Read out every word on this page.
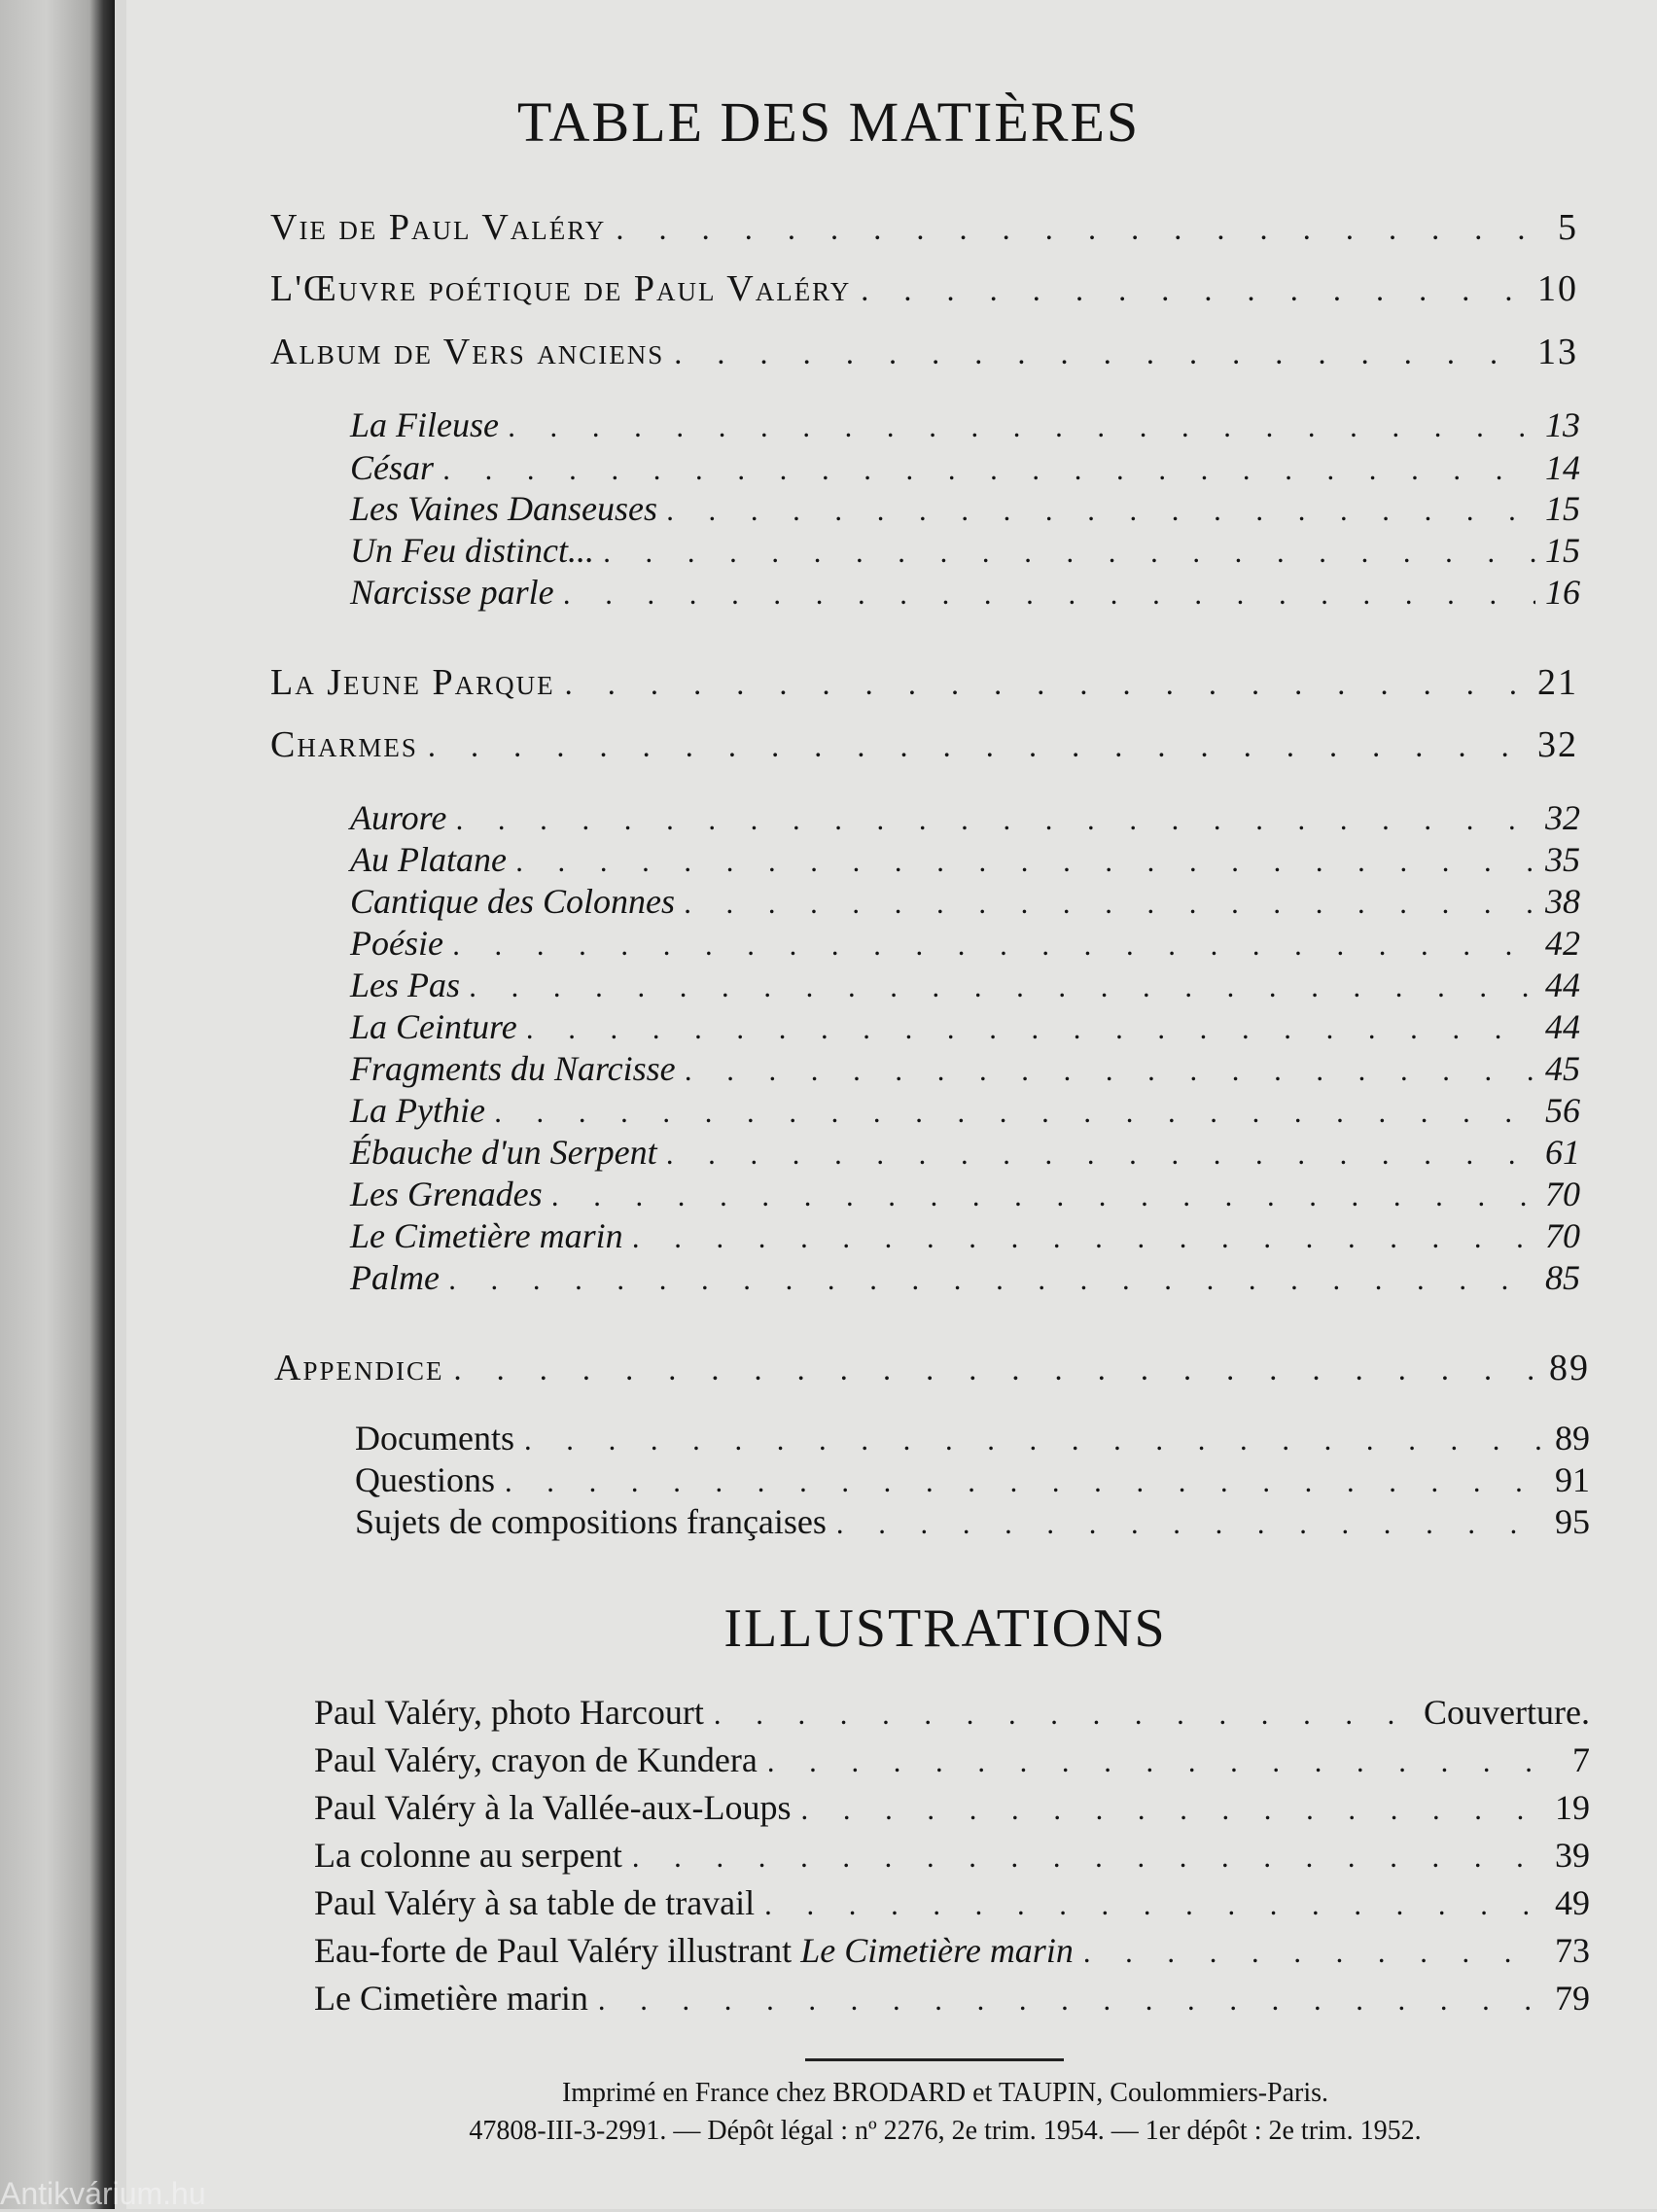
TABLE DES MATIÈRES
Vie de Paul Valéry . . .	5
L'Œuvre poétique de Paul Valéry . . .	10
Album de Vers anciens . . .	13
La Fileuse . . .	13
César . . .	14
Les Vaines Danseuses . . .	15
Un Feu distinct... . . .	15
Narcisse parle . . .	16
La Jeune Parque . . .	21
Charmes . . .	32
Aurore . . .	32
Au Platane . . .	35
Cantique des Colonnes . . .	38
Poésie . . .	42
Les Pas . . .	44
La Ceinture . . .	44
Fragments du Narcisse . . .	45
La Pythie . . .	56
Ébauche d'un Serpent . . .	61
Les Grenades . . .	70
Le Cimetière marin . . .	70
Palme . . .	85
Appendice . . .	89
Documents . . .	89
Questions . . .	91
Sujets de compositions françaises . . .	95
ILLUSTRATIONS
Paul Valéry, photo Harcourt . . .	Couverture.
Paul Valéry, crayon de Kundera . . .	7
Paul Valéry à la Vallée-aux-Loups . . .	19
La colonne au serpent . . .	39
Paul Valéry à sa table de travail . . .	49
Eau-forte de Paul Valéry illustrant Le Cimetière marin . . .	73
Le Cimetière marin . . .	79
Imprimé en France chez BRODARD et TAUPIN, Coulommiers-Paris.
47808-III-3-2991. — Dépôt légal : nº 2276, 2e trim. 1954. — 1er dépôt : 2e trim. 1952.
Antikvárium.hu
